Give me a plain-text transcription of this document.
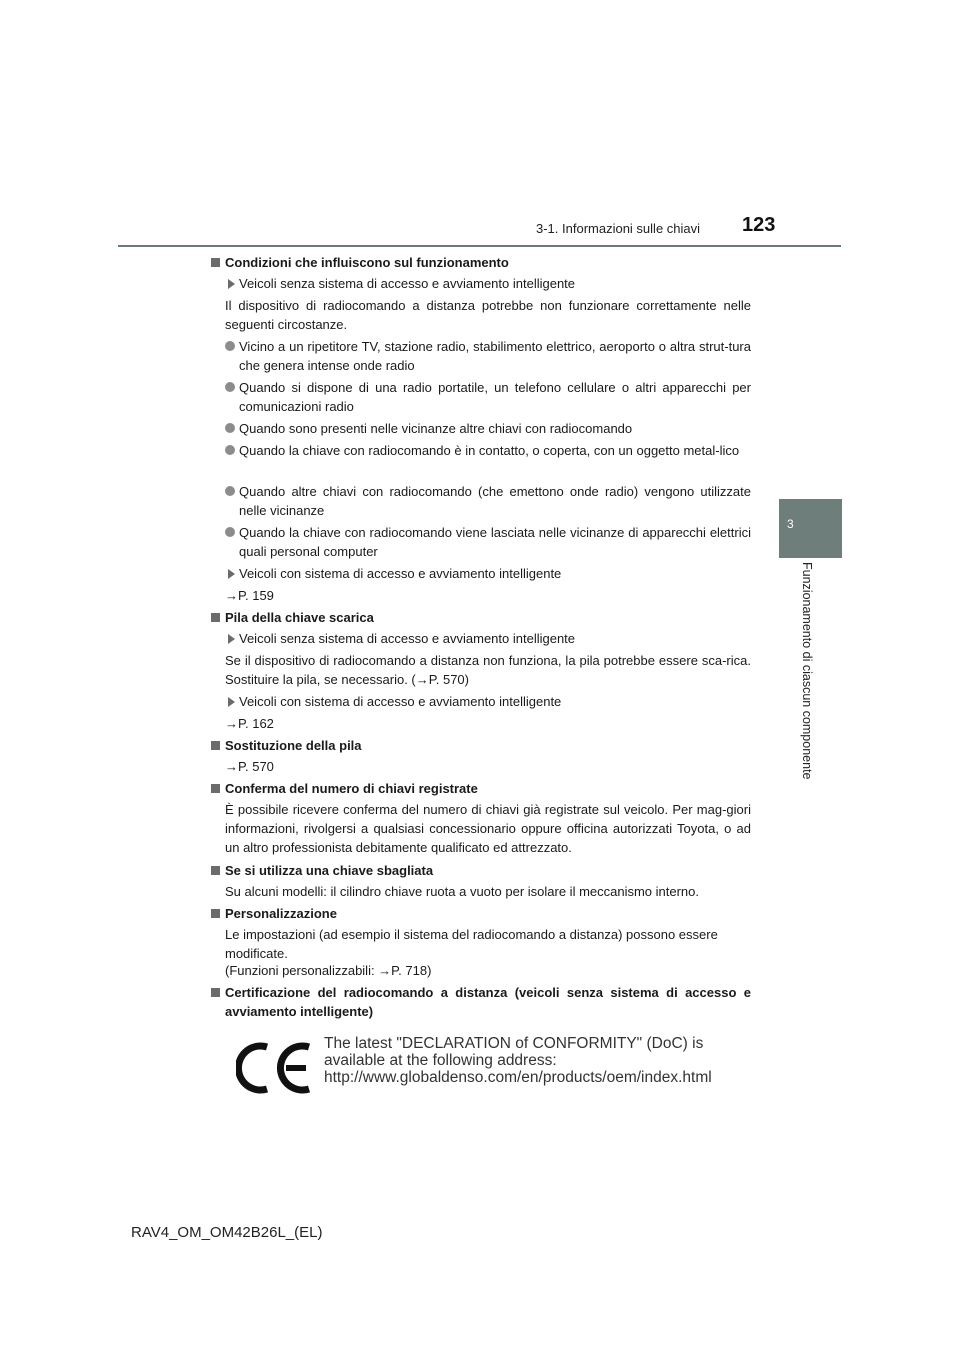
3-1. Informazioni sulle chiavi 123
3
Funzionamento di ciascun componente
Condizioni che influiscono sul funzionamento
Veicoli senza sistema di accesso e avviamento intelligente
Il dispositivo di radiocomando a distanza potrebbe non funzionare correttamente nelle seguenti circostanze.
Vicino a un ripetitore TV, stazione radio, stabilimento elettrico, aeroporto o altra strut-tura che genera intense onde radio
Quando si dispone di una radio portatile, un telefono cellulare o altri apparecchi per comunicazioni radio
Quando sono presenti nelle vicinanze altre chiavi con radiocomando
Quando la chiave con radiocomando è in contatto, o coperta, con un oggetto metal-lico
Quando altre chiavi con radiocomando (che emettono onde radio) vengono utilizzate nelle vicinanze
Quando la chiave con radiocomando viene lasciata nelle vicinanze di apparecchi elettrici quali personal computer
Veicoli con sistema di accesso e avviamento intelligente
→P. 159
Pila della chiave scarica
Veicoli senza sistema di accesso e avviamento intelligente
Se il dispositivo di radiocomando a distanza non funziona, la pila potrebbe essere sca-rica. Sostituire la pila, se necessario. (→P. 570)
Veicoli con sistema di accesso e avviamento intelligente
→P. 162
Sostituzione della pila
→P. 570
Conferma del numero di chiavi registrate
È possibile ricevere conferma del numero di chiavi già registrate sul veicolo. Per mag-giori informazioni, rivolgersi a qualsiasi concessionario oppure officina autorizzati Toyota, o ad un altro professionista debitamente qualificato ed attrezzato.
Se si utilizza una chiave sbagliata
Su alcuni modelli: il cilindro chiave ruota a vuoto per isolare il meccanismo interno.
Personalizzazione
Le impostazioni (ad esempio il sistema del radiocomando a distanza) possono essere modificate.
(Funzioni personalizzabili: →P. 718)
Certificazione del radiocomando a distanza (veicoli senza sistema di accesso e avviamento intelligente)
The latest "DECLARATION of CONFORMITY" (DoC) is
available at the following address:
http://www.globaldenso.com/en/products/oem/index.html
RAV4_OM_OM42B26L_(EL)
